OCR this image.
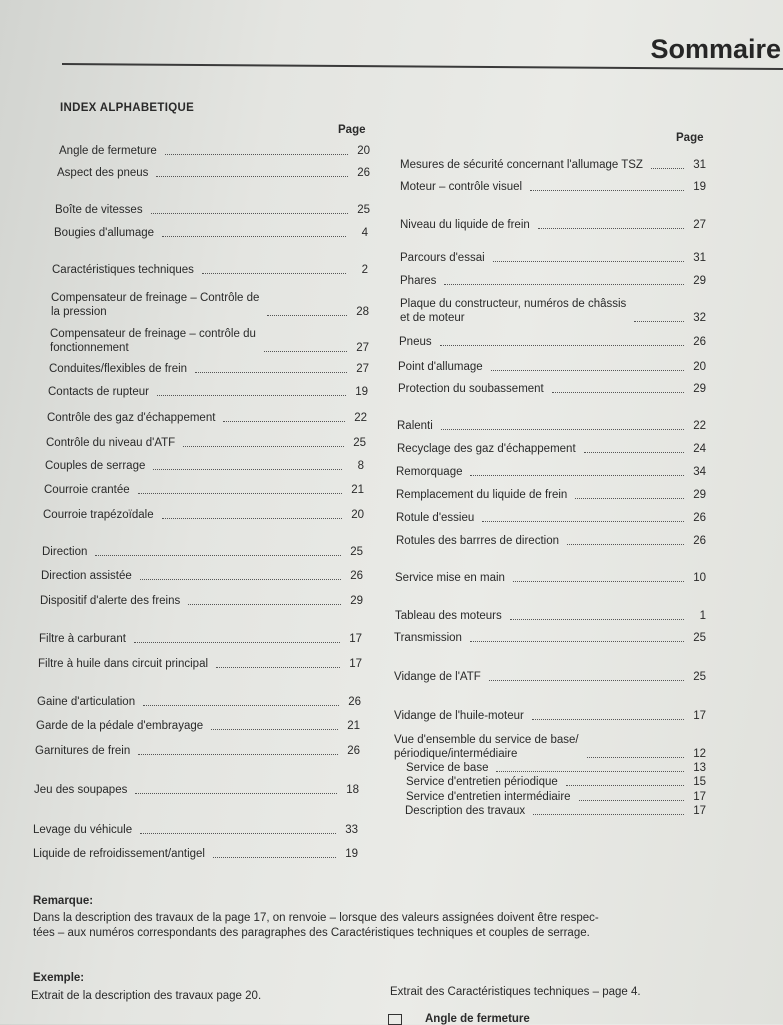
Sommaire
INDEX ALPHABETIQUE
Page
Page
Angle de fermeture	20
Aspect des pneus	26
Boîte de vitesses	25
Bougies d'allumage	4
Caractéristiques techniques	2
Compensateur de freinage – Contrôle de
la pression	28
Compensateur de freinage – contrôle du
fonctionnement	27
Conduites/flexibles de frein	27
Contacts de rupteur	19
Contrôle des gaz d'échappement	22
Contrôle du niveau d'ATF	25
Couples de serrage	8
Courroie crantée	21
Courroie trapézoïdale	20
Direction	25
Direction assistée	26
Dispositif d'alerte des freins	29
Filtre à carburant	17
Filtre à huile dans circuit principal	17
Gaine d'articulation	26
Garde de la pédale d'embrayage	21
Garnitures de frein	26
Jeu des soupapes	18
Levage du véhicule	33
Liquide de refroidissement/antigel	19
Mesures de sécurité concernant l'allumage TSZ	31
Moteur – contrôle visuel	19
Niveau du liquide de frein	27
Parcours d'essai	31
Phares	29
Plaque du constructeur, numéros de châssis
et de moteur	32
Pneus	26
Point d'allumage	20
Protection du soubassement	29
Ralenti	22
Recyclage des gaz d'échappement	24
Remorquage	34
Remplacement du liquide de frein	29
Rotule d'essieu	26
Rotules des barrres de direction	26
Service mise en main	10
Tableau des moteurs	1
Transmission	25
Vidange de l'ATF	25
Vidange de l'huile-moteur	17
Vue d'ensemble du service de base/
périodique/intermédiaire	12
Service de base	13
Service d'entretien périodique	15
Service d'entretien intermédiaire	17
Description des travaux	17
Remarque:
Dans la description des travaux de la page 17, on renvoie – lorsque des valeurs assignées doivent être respec-
tées – aux numéros correspondants des paragraphes des Caractéristiques techniques et couples de serrage.
Exemple:
Extrait de la description des travaux page 20.	Extrait des Caractéristiques techniques – page 4.
Angle de fermeture
